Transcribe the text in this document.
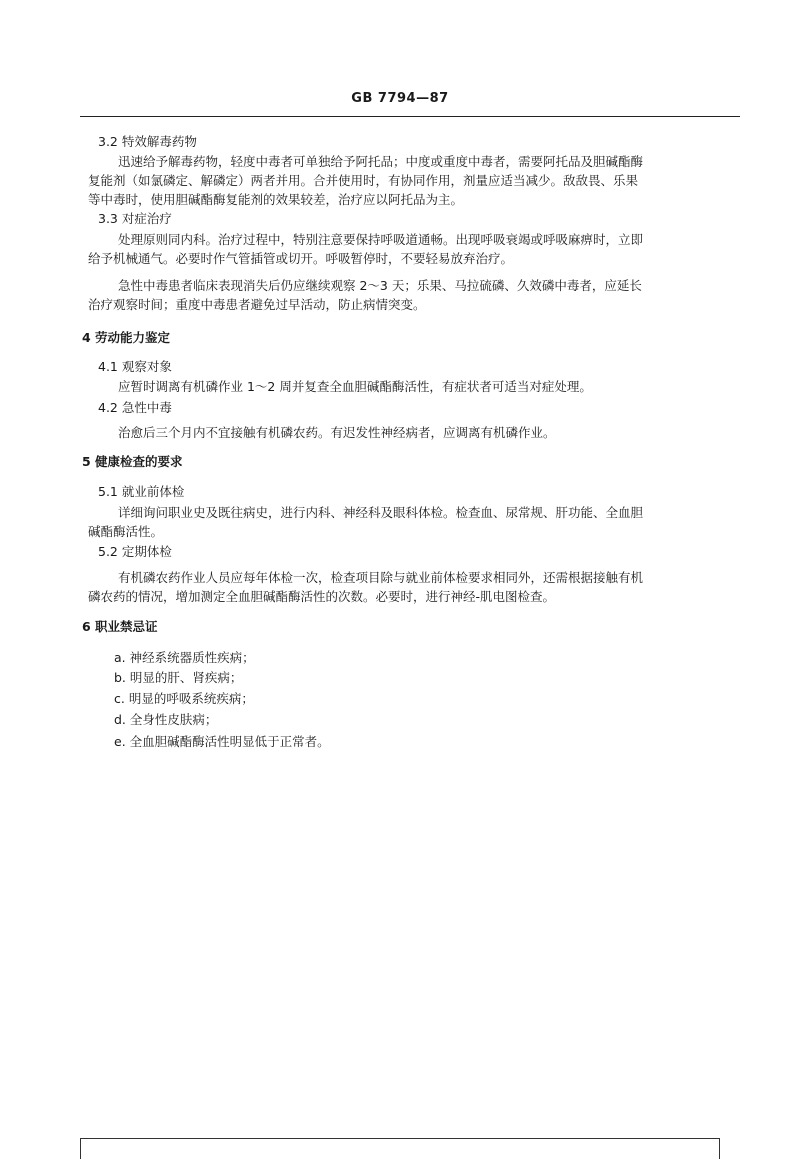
GB 7794—87
3.2 特效解毒药物
迅速给予解毒药物，轻度中毒者可单独给予阿托品；中度或重度中毒者，需要阿托品及胆碱酯酶
复能剂（如氯磷定、解磷定）两者并用。合并使用时，有协同作用，剂量应适当减少。敌敌畏、乐果
等中毒时，使用胆碱酯酶复能剂的效果较差，治疗应以阿托品为主。
3.3 对症治疗
处理原则同内科。治疗过程中，特别注意要保持呼吸道通畅。出现呼吸衰竭或呼吸麻痹时，立即
给予机械通气。必要时作气管插管或切开。呼吸暂停时，不要轻易放弃治疗。
急性中毒患者临床表现消失后仍应继续观察 2～3 天；乐果、马拉硫磷、久效磷中毒者，应延长
治疗观察时间；重度中毒患者避免过早活动，防止病情突变。
4 劳动能力鉴定
4.1 观察对象
应暂时调离有机磷作业 1～2 周并复查全血胆碱酯酶活性，有症状者可适当对症处理。
4.2 急性中毒
治愈后三个月内不宜接触有机磷农药。有迟发性神经病者，应调离有机磷作业。
5 健康检查的要求
5.1 就业前体检
详细询问职业史及既往病史，进行内科、神经科及眼科体检。检查血、尿常规、肝功能、全血胆
碱酯酶活性。
5.2 定期体检
有机磷农药作业人员应每年体检一次，检查项目除与就业前体检要求相同外，还需根据接触有机
磷农药的情况，增加测定全血胆碱酯酶活性的次数。必要时，进行神经-肌电图检查。
6 职业禁忌证
a. 神经系统器质性疾病；
b. 明显的肝、肾疾病；
c. 明显的呼吸系统疾病；
d. 全身性皮肤病；
e. 全血胆碱酯酶活性明显低于正常者。
